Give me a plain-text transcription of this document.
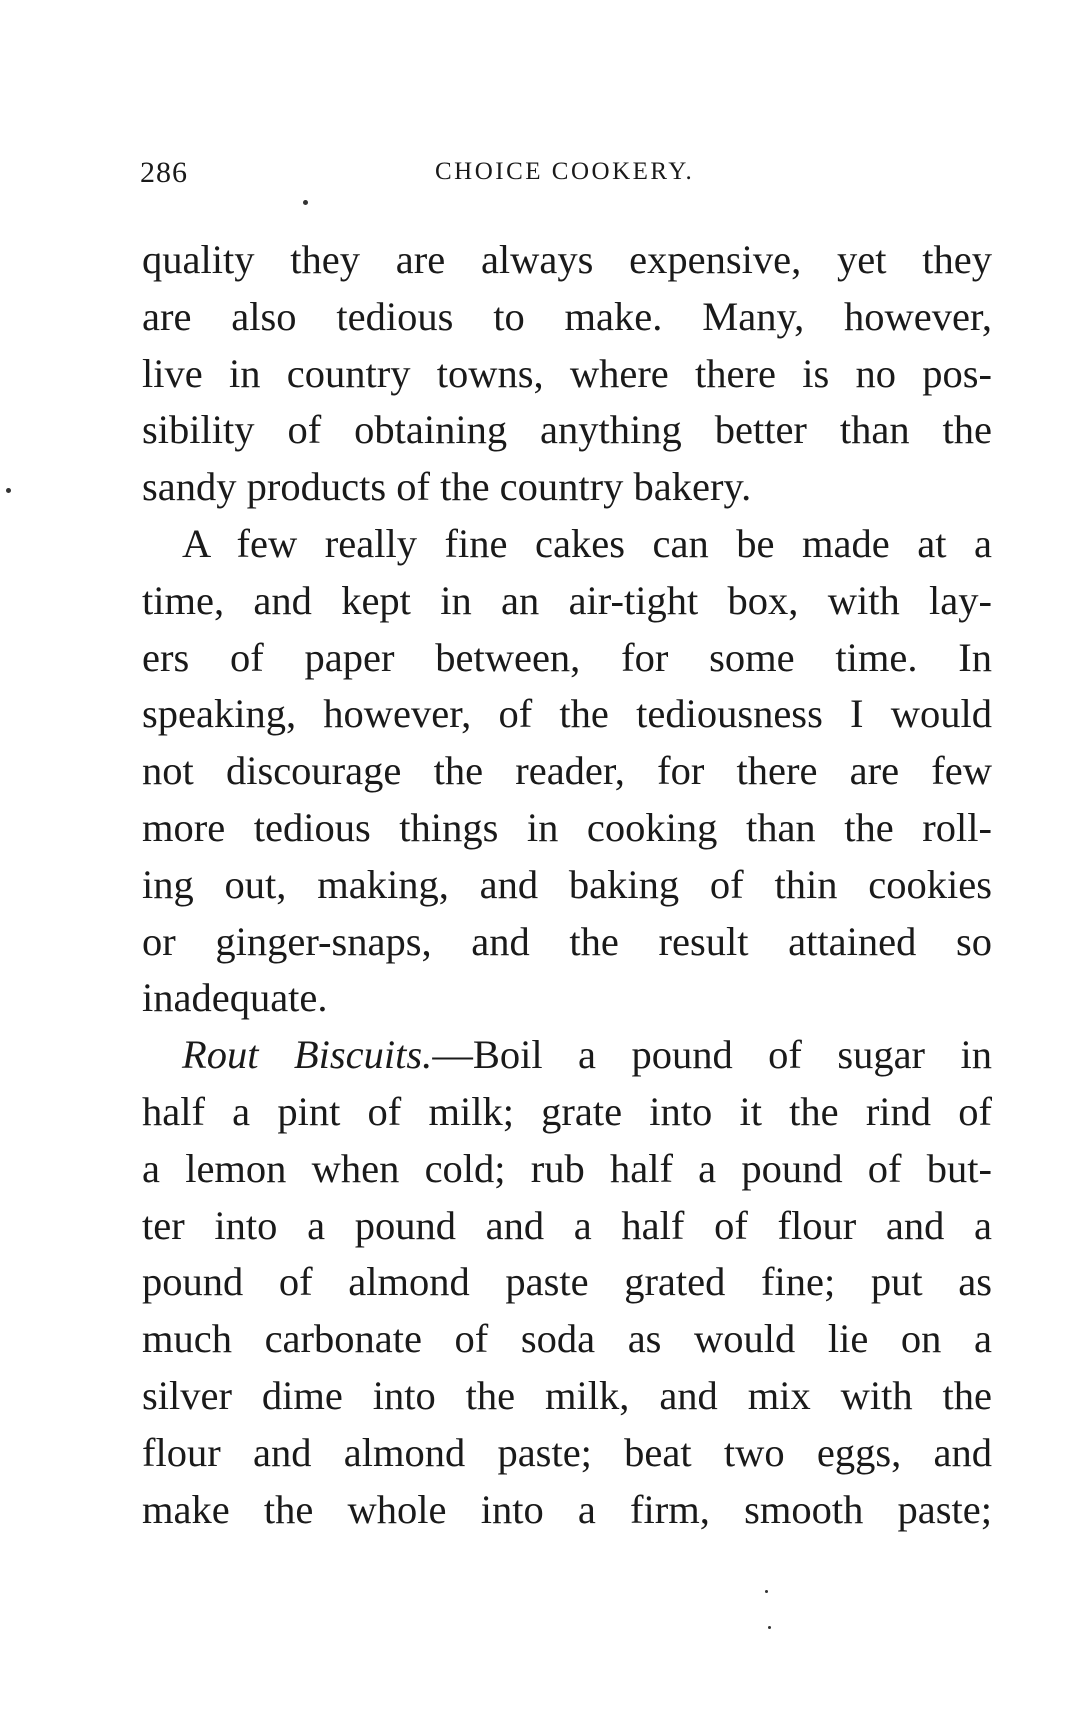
286	CHOICE COOKERY.
quality they are always expensive, yet they
are also tedious to make. Many, however,
live in country towns, where there is no pos-
sibility of obtaining anything better than the
sandy products of the country bakery.
A few really fine cakes can be made at a
time, and kept in an air-tight box, with lay-
ers of paper between, for some time. In
speaking, however, of the tediousness I would
not discourage the reader, for there are few
more tedious things in cooking than the roll-
ing out, making, and baking of thin cookies
or ginger-snaps, and the result attained so
inadequate.
Rout Biscuits.—Boil a pound of sugar in
half a pint of milk; grate into it the rind of
a lemon when cold; rub half a pound of but-
ter into a pound and a half of flour and a
pound of almond paste grated fine; put as
much carbonate of soda as would lie on a
silver dime into the milk, and mix with the
flour and almond paste; beat two eggs, and
make the whole into a firm, smooth paste;
